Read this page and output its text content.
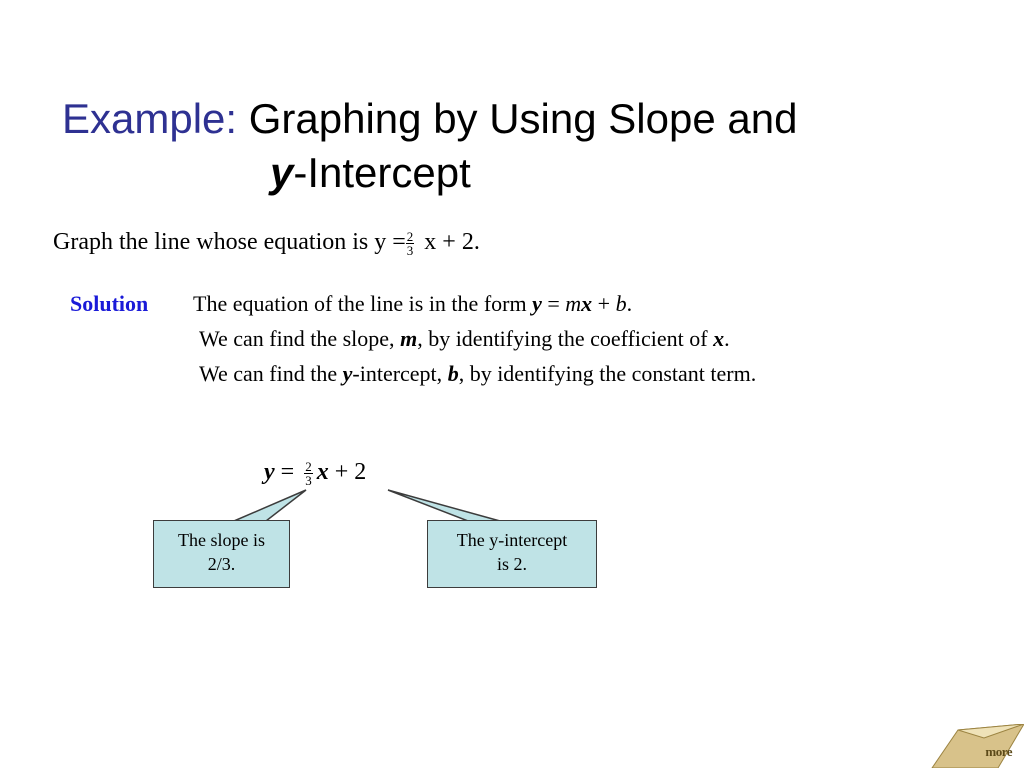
Example: Graphing by Using Slope and
y-Intercept
Graph the line whose equation is $y = \frac{2}{3}$ x + 2.
Solution The equation of the line is in the form y = mx + b.
We can find the slope, m, by identifying the coefficient of x.
We can find the y-intercept, b, by identifying the constant term.
$y = \frac{2}{3}$ x + 2
The slope is
2/3.
The y-intercept
is 2.
more
